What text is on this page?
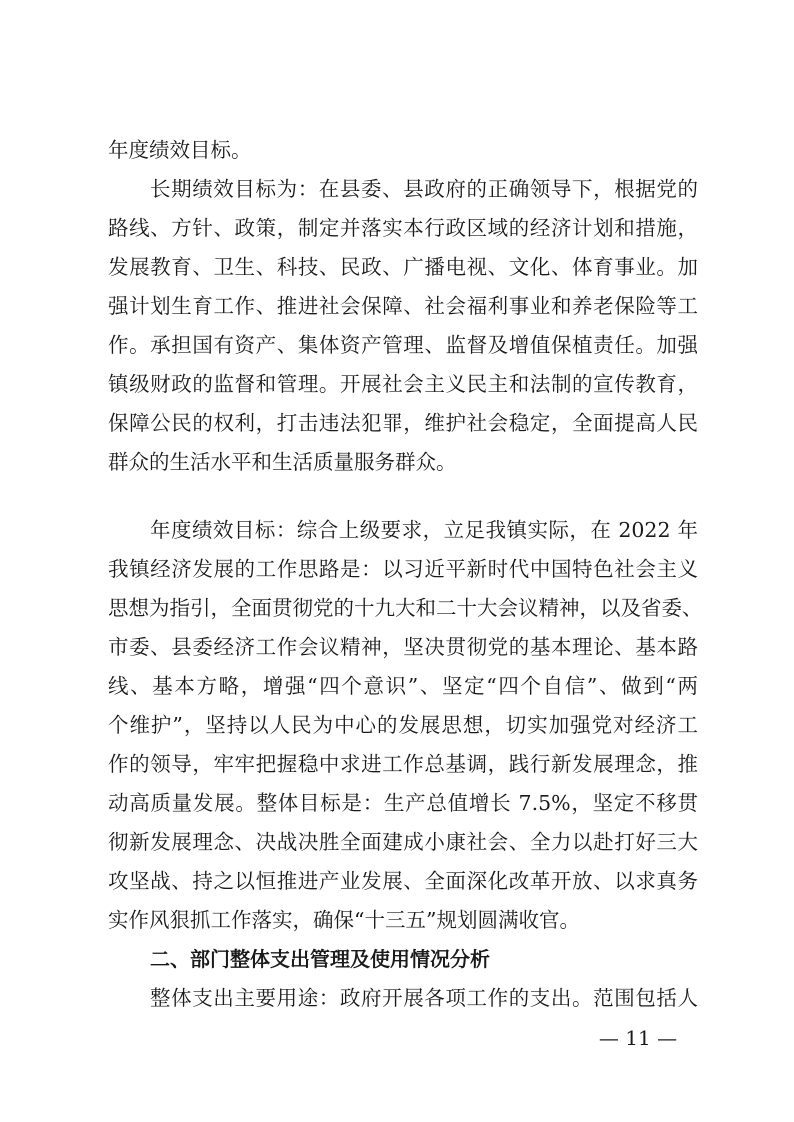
年度绩效目标。
长期绩效目标为：在县委、县政府的正确领导下，根据党的
路线、方针、政策，制定并落实本行政区域的经济计划和措施，
发展教育、卫生、科技、民政、广播电视、文化、体育事业。加
强计划生育工作、推进社会保障、社会福利事业和养老保险等工
作。承担国有资产、集体资产管理、监督及增值保植责任。加强
镇级财政的监督和管理。开展社会主义民主和法制的宣传教育，
保障公民的权利，打击违法犯罪，维护社会稳定，全面提高人民
群众的生活水平和生活质量服务群众。
年度绩效目标：综合上级要求，立足我镇实际，在 2022 年
我镇经济发展的工作思路是：以习近平新时代中国特色社会主义
思想为指引，全面贯彻党的十九大和二十大会议精神，以及省委、
市委、县委经济工作会议精神，坚决贯彻党的基本理论、基本路
线、基本方略，增强“四个意识”、坚定“四个自信”、做到“两
个维护”，坚持以人民为中心的发展思想，切实加强党对经济工
作的领导，牢牢把握稳中求进工作总基调，践行新发展理念，推
动高质量发展。整体目标是：生产总值增长 7.5%，坚定不移贯
彻新发展理念、决战决胜全面建成小康社会、全力以赴打好三大
攻坚战、持之以恒推进产业发展、全面深化改革开放、以求真务
实作风狠抓工作落实，确保“十三五”规划圆满收官。
二、部门整体支出管理及使用情况分析
整体支出主要用途：政府开展各项工作的支出。范围包括人
— 11 —
